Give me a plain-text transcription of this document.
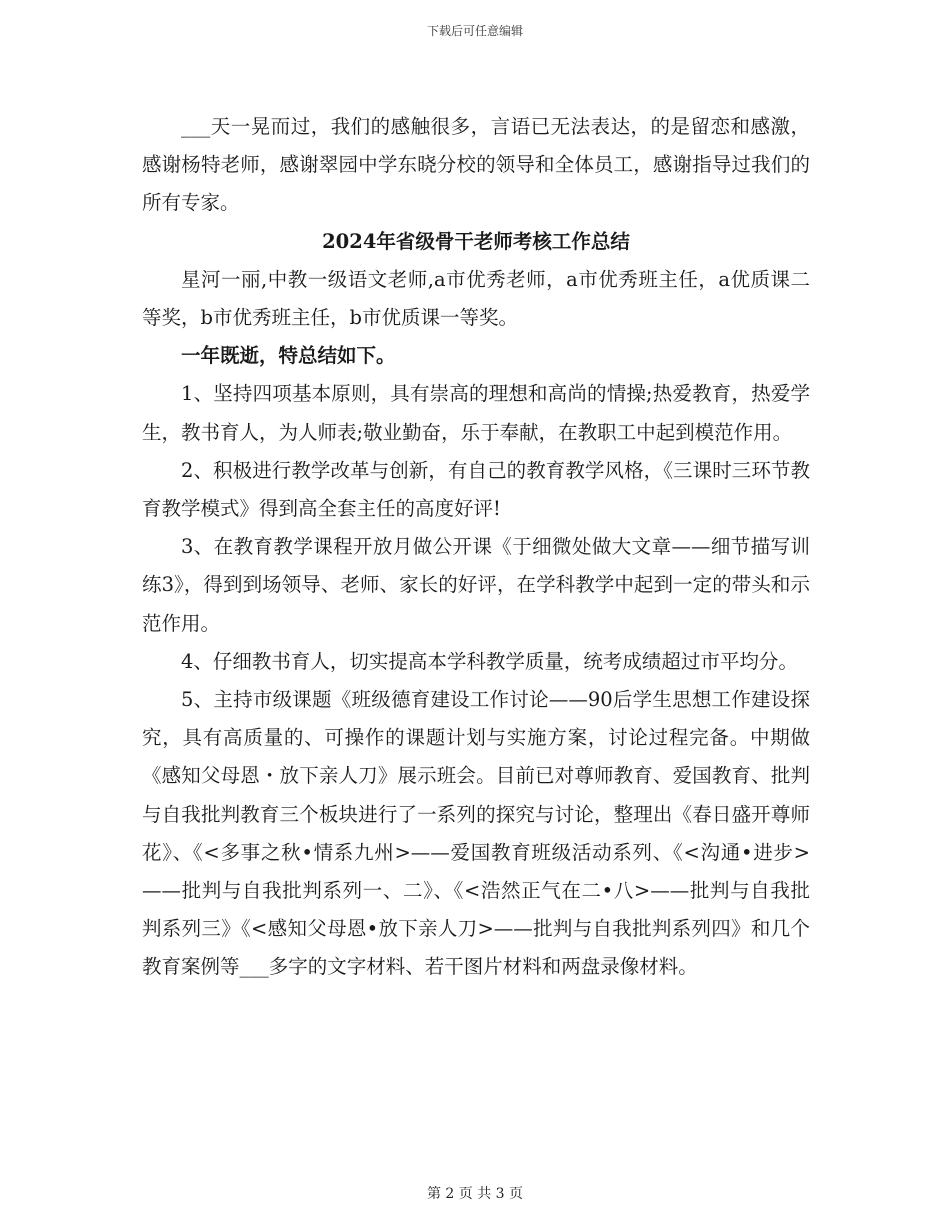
下载后可任意编辑

___天一晃而过，我们的感触很多，言语已无法表达，的是留恋和感激，感谢杨特老师，感谢翠园中学东晓分校的领导和全体员工，感谢指导过我们的所有专家。

2024年省级骨干老师考核工作总结

星河一丽,中教一级语文老师,a市优秀老师，a市优秀班主任，a优质课二等奖，b市优秀班主任，b市优质课一等奖。

一年既逝，特总结如下。

1、坚持四项基本原则，具有崇高的理想和高尚的情操;热爱教育，热爱学生，教书育人，为人师表;敬业勤奋，乐于奉献，在教职工中起到模范作用。

2、积极进行教学改革与创新，有自己的教育教学风格，《三课时三环节教育教学模式》得到高全套主任的高度好评!

3、在教育教学课程开放月做公开课《于细微处做大文章——细节描写训练3》，得到到场领导、老师、家长的好评，在学科教学中起到一定的带头和示范作用。

4、仔细教书育人，切实提高本学科教学质量，统考成绩超过市平均分。

5、主持市级课题《班级德育建设工作讨论——90后学生思想工作建设探究，具有高质量的、可操作的课题计划与实施方案，讨论过程完备。中期做《感知父母恩・放下亲人刀》展示班会。目前已对尊师教育、爱国教育、批判与自我批判教育三个板块进行了一系列的探究与讨论，整理出《春日盛开尊师花》、《<多事之秋•情系九州>——爱国教育班级活动系列、《<沟通•进步>——批判与自我批判系列一、二》、《<浩然正气在二•八>——批判与自我批判系列三》《<感知父母恩•放下亲人刀>——批判与自我批判系列四》和几个教育案例等___多字的文字材料、若干图片材料和两盘录像材料。

第 2 页 共 3 页
